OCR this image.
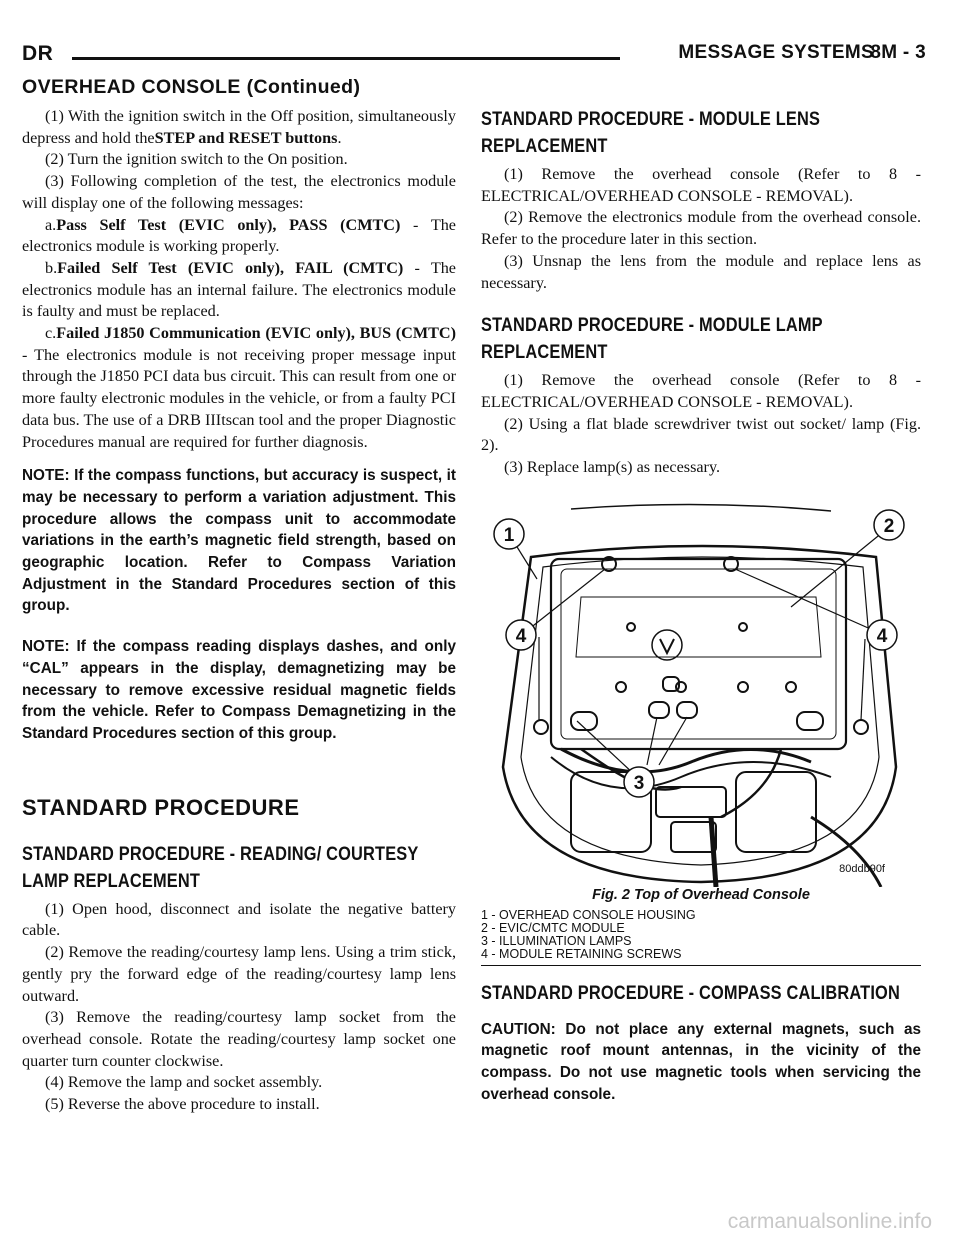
DR	MESSAGE SYSTEMS
8M - 3
OVERHEAD CONSOLE (Continued)

(1) With the ignition switch in the Off position, simultaneously depress and hold theSTEP and RESET buttons.

(2) Turn the ignition switch to the On position.

(3) Following completion of the test, the electronics module will display one of the following messages:

a.Pass Self Test (EVIC only), PASS (CMTC) - The electronics module is working properly.

b.Failed Self Test (EVIC only), FAIL (CMTC) - The electronics module has an internal failure. The electronics module is faulty and must be replaced.

c.Failed J1850 Communication (EVIC only), BUS (CMTC) - The electronics module is not receiving proper message input through the J1850 PCI data bus circuit. This can result from one or more faulty electronic modules in the vehicle, or from a faulty PCI data bus. The use of a DRB IIItscan tool and the proper Diagnostic Procedures manual are required for further diagnosis.

NOTE: If the compass functions, but accuracy is suspect, it may be necessary to perform a variation adjustment. This procedure allows the compass unit to accommodate variations in the earth’s magnetic field strength, based on geographic location. Refer to Compass Variation Adjustment in the Standard Procedures section of this group.

NOTE: If the compass reading displays dashes, and only “CAL” appears in the display, demagnetizing may be necessary to remove excessive residual magnetic fields from the vehicle. Refer to Compass Demagnetizing in the Standard Procedures section of this group.

STANDARD PROCEDURE
STANDARD PROCEDURE - READING/ COURTESY LAMP REPLACEMENT

(1) Open hood, disconnect and isolate the negative battery cable.

(2) Remove the reading/courtesy lamp lens. Using a trim stick, gently pry the forward edge of the reading/courtesy lamp lens outward.

(3) Remove the reading/courtesy lamp socket from the overhead console. Rotate the reading/courtesy lamp socket one quarter turn counter clockwise.

(4) Remove the lamp and socket assembly.

(5) Reverse the above procedure to install.

STANDARD PROCEDURE - MODULE LENS REPLACEMENT

(1) Remove the overhead console (Refer to 8 - ELECTRICAL/OVERHEAD CONSOLE - REMOVAL).

(2) Remove the electronics module from the overhead console. Refer to the procedure later in this section.

(3) Unsnap the lens from the module and replace lens as necessary.

STANDARD PROCEDURE - MODULE LAMP REPLACEMENT

(1) Remove the overhead console (Refer to 8 - ELECTRICAL/OVERHEAD CONSOLE - REMOVAL).

(2) Using a flat blade screwdriver twist out socket/ lamp (Fig. 2).

(3) Replace lamp(s) as necessary.

1	2
4	4
3
80ddb90f

Fig. 2 Top of Overhead Console

1 - OVERHEAD CONSOLE HOUSING
2 - EVIC/CMTC MODULE
3 - ILLUMINATION LAMPS
4 - MODULE RETAINING SCREWS
STANDARD PROCEDURE - COMPASS CALIBRATION

CAUTION: Do not place any external magnets, such as magnetic roof mount antennas, in the vicinity of the compass. Do not use magnetic tools when servicing the overhead console.

carmanualsonline.info
